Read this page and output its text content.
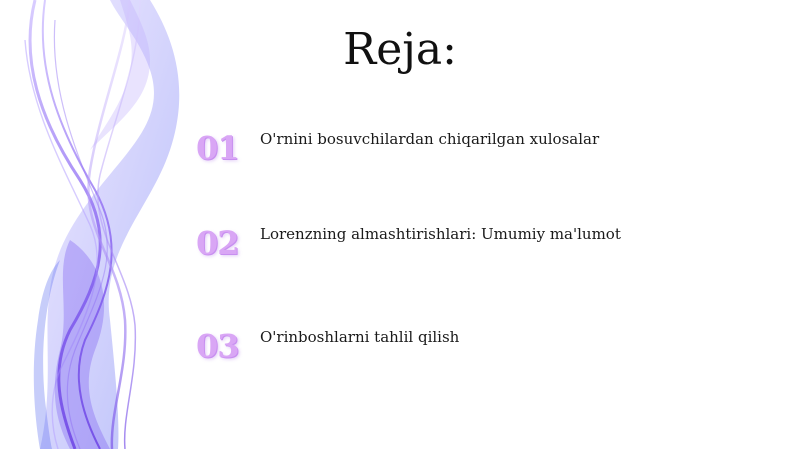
Reja:
01	O'rnini bosuvchilardan chiqarilgan xulosalar
02	Lorenzning almashtirishlari: Umumiy ma'lumot
03	O'rinboshlarni tahlil qilish
